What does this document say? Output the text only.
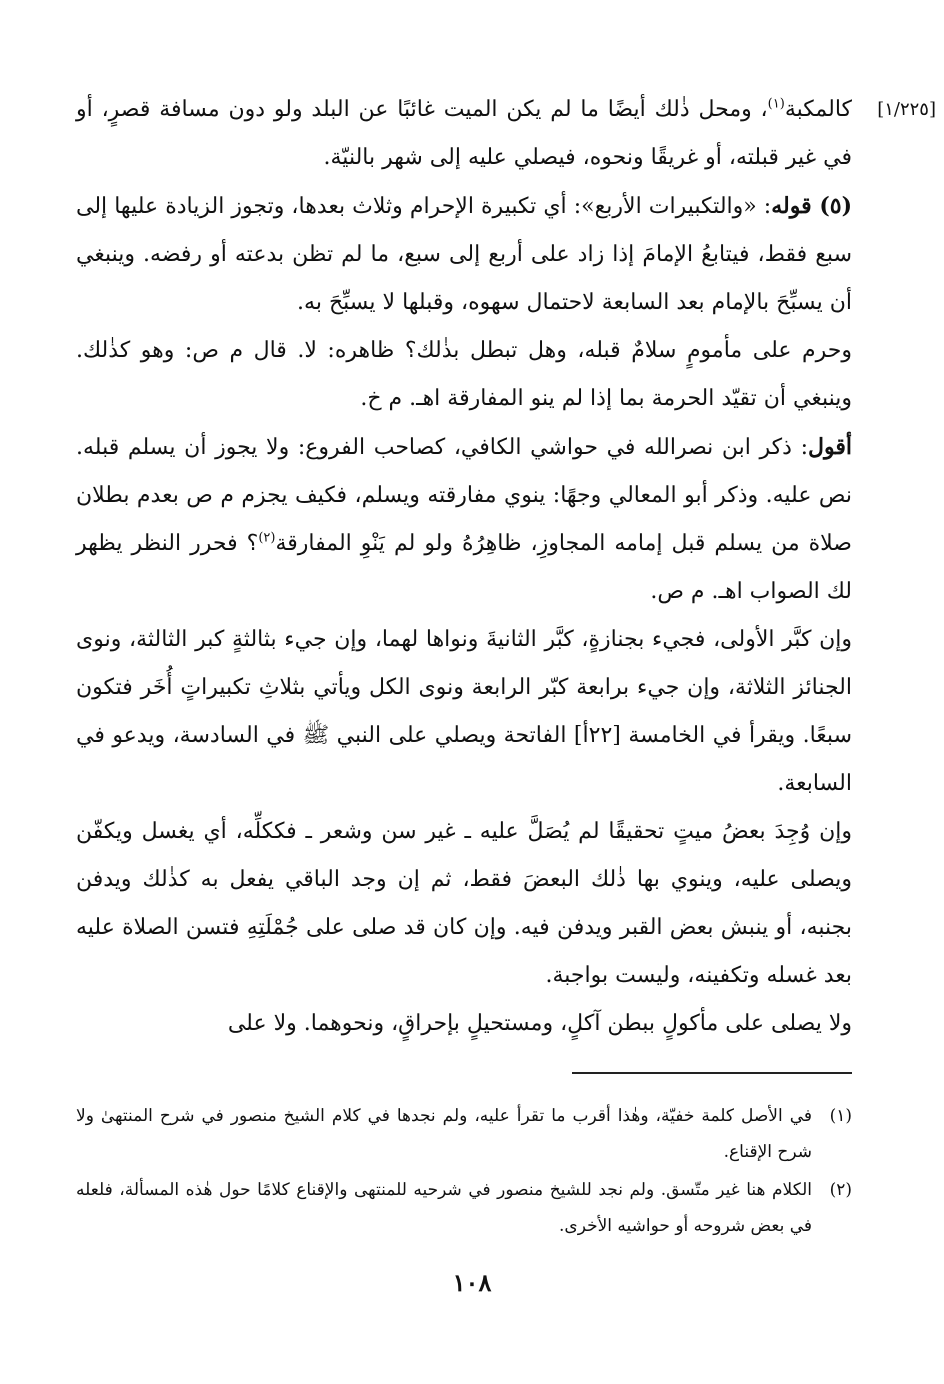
[١/٢٢٥]
كالمكبة$^{(١)}$، ومحل ذٰلك أيضًا ما لم يكن الميت غائبًا عن البلد ولو دون مسافة قصرٍ، أو في غير قبلته، أو غريقًا ونحوه، فيصلي عليه إلى شهر بالنيّة.

(٥) قوله: «والتكبيرات الأربع»: أي تكبيرة الإحرام وثلاث بعدها، وتجوز الزيادة عليها إلى سبع فقط، فيتابعُ الإمامَ إذا زاد على أربع إلى سبع، ما لم تظن بدعته أو رفضه. وينبغي أن يسبِّحَ بالإمام بعد السابعة لاحتمال سهوه، وقبلها لا يسبِّحَ به.

وحرم على مأمومٍ سلامٌ قبله، وهل تبطل بذٰلك؟ ظاهره: لا. قال م ص: وهو كذٰلك. وينبغي أن تقيّد الحرمة بما إذا لم ينو المفارقة اهـ. م خ.

أقول: ذكر ابن نصرالله في حواشي الكافي، كصاحب الفروع: ولا يجوز أن يسلم قبله. نص عليه. وذكر أبو المعالي وجهًا: ينوي مفارقته ويسلم، فكيف يجزم م ص بعدم بطلان صلاة من يسلم قبل إمامه المجاوزِ، ظاهِرُهُ ولو لم يَنْوِ المفارقة$^{(٢)}$؟ فحرر النظر يظهر لك الصواب اهـ. م ص.

وإن كبَّر الأولى، فجيء بجنازةٍ، كبَّر الثانيةَ ونواها لهما، وإن جيء بثالثةٍ كبر الثالثة، ونوى الجنائز الثلاثة، وإن جيء برابعة كبّر الرابعة ونوى الكل ويأتي بثلاثِ تكبيراتٍ أُخَر فتكون سبعًا. ويقرأ في الخامسة [٢٢أ] الفاتحة ويصلي على النبي ﷺ في السادسة، ويدعو في السابعة.

وإن وُجِدَ بعضُ ميتٍ تحقيقًا لم يُصَلَّ عليه ـ غير سن وشعر ـ فككلِّه، أي يغسل ويكفّن ويصلى عليه، وينوي بها ذٰلك البعضَ فقط، ثم إن وجد الباقي يفعل به كذٰلك ويدفن بجنبه، أو ينبش بعض القبر ويدفن فيه. وإن كان قد صلى على جُمْلَتِهِ فتسن الصلاة عليه بعد غسله وتكفينه، وليست بواجبة.

ولا يصلى على مأكولٍ ببطن آكلٍ، ومستحيلٍ بإحراقٍ، ونحوهما. ولا على

(١)
في الأصل كلمة خفيّة، وهٰذا أقرب ما تقرأ عليه، ولم نجدها في كلام الشيخ منصور في شرح المنتهىٰ ولا شرح الإقناع.
(٢)
الكلام هنا غير متّسق. ولم نجد للشيخ منصور في شرحيه للمنتهى والإقناع كلامًا حول هٰذه المسألة، فلعله في بعض شروحه أو حواشيه الأخرى.
١٠٨
